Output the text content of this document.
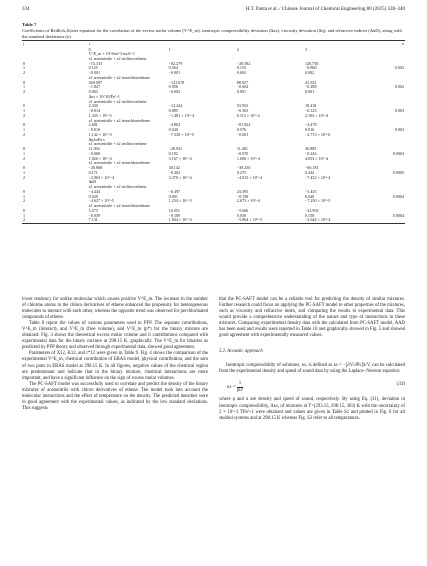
334	H.T. Panta et al. / Chinese Journal of Chemical Engineering 80 (2025) 328–340
Table 7
Coefficients of Redlich–Kister equation for the correlation of the excess molar volume (V^E_m), isentropic compressibility deviation (Δκs), viscosity deviation (Δη), and refractive indices (ΔnD), along with the standard deviations (σ)
j	i				σ
	0	1	2	3	
	V^E_m × 10^6/m^3·mol^-1				
	x1 acetonitrile + x2 trichloroethene				
0	−15.333	−82.279	−20.582	120.750	
1	0.125	0.564	0.155	−0.860	0.002
2	−0.001	−0.001	0.002	0.002	
	x1 acetonitrile + x2 tetrachloroethene				
0	269.097	−141.678	88.927	41.552	
1	−1.847	0.956	−0.604	−0.288	0.002
2	0.003	−0.002	0.001	0.001	
	Δκs × 10^10/Pa^-1				
	x1 acetonitrile + x2 trichloroethene				
0	2.330	−12.244	53.952	18.418	
1	−0.014	0.085	−0.363	−0.123	0.003
2	1.335 × 10^-5	−1.481 × 10^-4	6.115 × 10^-4	2.104 × 10^-4	
	x1 acetonitrile + x2 tetrachloroethene				
0	2.681	−4.862	−81.822	−4.478	
1	−0.016	0.040	0.576	0.016	0.003
2	1.142 × 10^-5	−7.338 × 10^-5	−0.001	−2.713 × 10^-6	
	Δη/mPa·s				
	x1 acetonitrile + x2 trichloroethene				
0	11.304	−28.941	11.401	36.885	
1	−0.068	0.192	−0.070	−0.244	0.0004
2	1.026 × 10^-4	3.167 × 10^-4	1.006 × 10^-4	4.053 × 10^-4	
	x1 acetonitrile + x2 tetrachloroethene				
0	−26.868	30.142	−39.236	−66.181	
1	0.171	−0.202	0.275	0.444	0.0005
2	−2.063 × 10^-4	3.370 × 10^-4	−4.813 × 10^-4	−7.452 × 10^-4	
	ΔnD				
	x1 acetonitrile + x2 trichloroethene				
0	−4.443	−0.497	23.395	−5.435	
1	0.029	0.001	−0.158	0.040	0.0004
2	−4.627 × 10^-5	1.254 × 10^-5	2.673 × 10^-4	−7.250 × 10^-5	
	x1 acetonitrile + x2 tetrachloroethene				
0	5.573	16.051	−5.666	−23.903	
1	−0.039	−0.109	0.036	0.158	0.0004
2	7.131	1.844 × 10^-4	−5.864 × 10^-5	−2.644 × 10^-4	

lower tendency for unlike molecular which causes positive V^E_m. The increase in the number of chlorine atoms in the chloro derivatives of ethene enhanced the propensity for heterogeneous molecules to interact with each other, whereas the opposite trend was observed for perchlorinated compounds of ethene.

Table 8 report the values of various parameters used in PFP. The separate contributions, V^E_m (interact), and V^E_m (free volume), and V^E_m (p*) for the binary mixture are obtained. Fig. 3 shows the theoretical excess molar volume and it contributions compared with experimental data for the binary mixture at 298.15 K, graphically. The V^E_m for binaries as predicted by PFP theory and observed through experimental data, showed good agreement.

Parameters of X12, K12, and r*12 were given in Table 9. Fig. 4 shows the comparison of the experimental V^E_m, chemical contribution of ERAS model, physical contribution, and the sum of two parts in ERAS model at 298.15 K. In all figures, negative values of the chemical region are predominant and indicate that in the binary mixture, chemical interactions are more important, and have a significant influence on the sign of excess molar volumes.

The PC-SAFT model was successfully used to correlate and predict the density of the binary mixtures of acetonitrile with chloro derivatives of ethene. The model took into account the molecular interactions and the effect of temperature on the density. The predicted densities were in good agreement with the experimental values, as indicated by the low standard deviations. This suggests

that the PC-SAFT model can be a reliable tool for predicting the density of similar mixtures. Further research could focus on applying the PC-SAFT model to other properties of the mixtures, such as viscosity and refractive index, and comparing the results to experimental data. This would provide a comprehensive understanding of the nature and type of interactions in these mixtures. Comparing experimental density data with the calculated from PC-SAFT model, AAD has been used and results were reported in Table 10 and graphically showed in Fig. 5 and showed good agreement with experimentally measured values.

5.2. Acoustic approach

Isentropic compressibility of solutions, κs, is defined as κs = −[∂V/∂Ps]S/V, can be calculated from the experimental density and speed of sound data by using the Laplace−Newton equation:

$\kappa s = \frac{1}{\text{ρu²}}$	(33)

where ρ and u are density and speed of sound, respectively. By using Eq. (31), deviation in isentropic compressibility, Δκs, of mixtures at T=(293.15, 298.15, 303) K with the uncertainty of 2 × 10^-3 TPa^-1 were obtained and values are given in Table S1 and plotted in Fig. 6 for all studied systems and at 298.15 K whereas Fig. S2 refer to all temperatures.
